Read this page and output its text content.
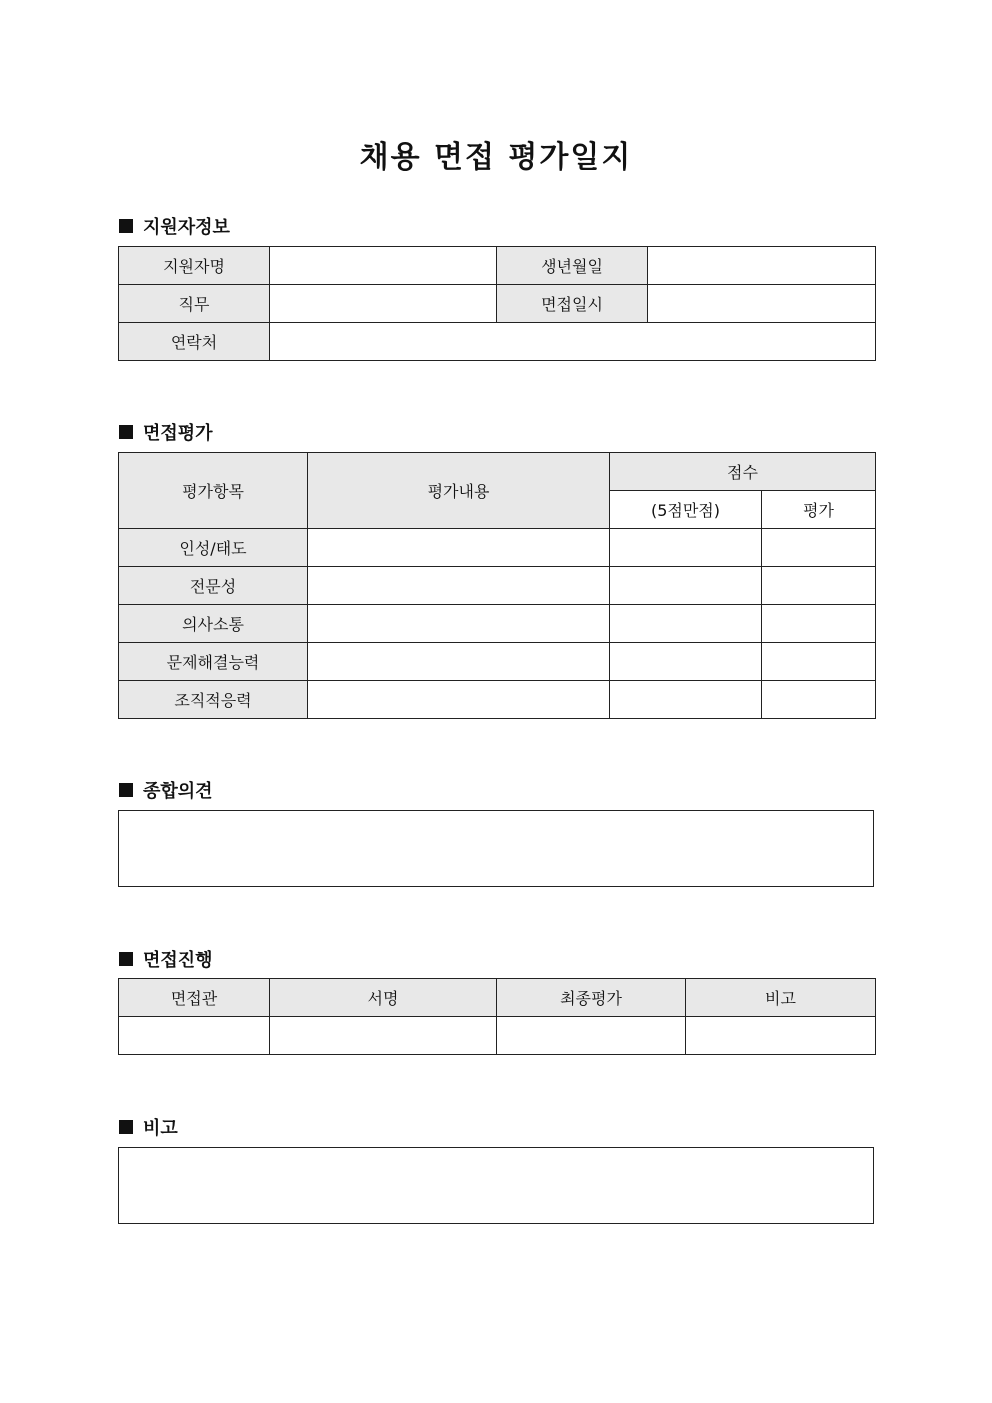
채용 면접 평가일지
지원자정보
지원자명		생년월일	
직무		면접일시	
연락처			
면접평가
평가항목	평가내용	점수	
		(5점만점)	평가
인성/태도			
전문성			
의사소통			
문제해결능력			
조직적응력			
종합의견
면접진행
면접관	서명	최종평가	비고

비고
